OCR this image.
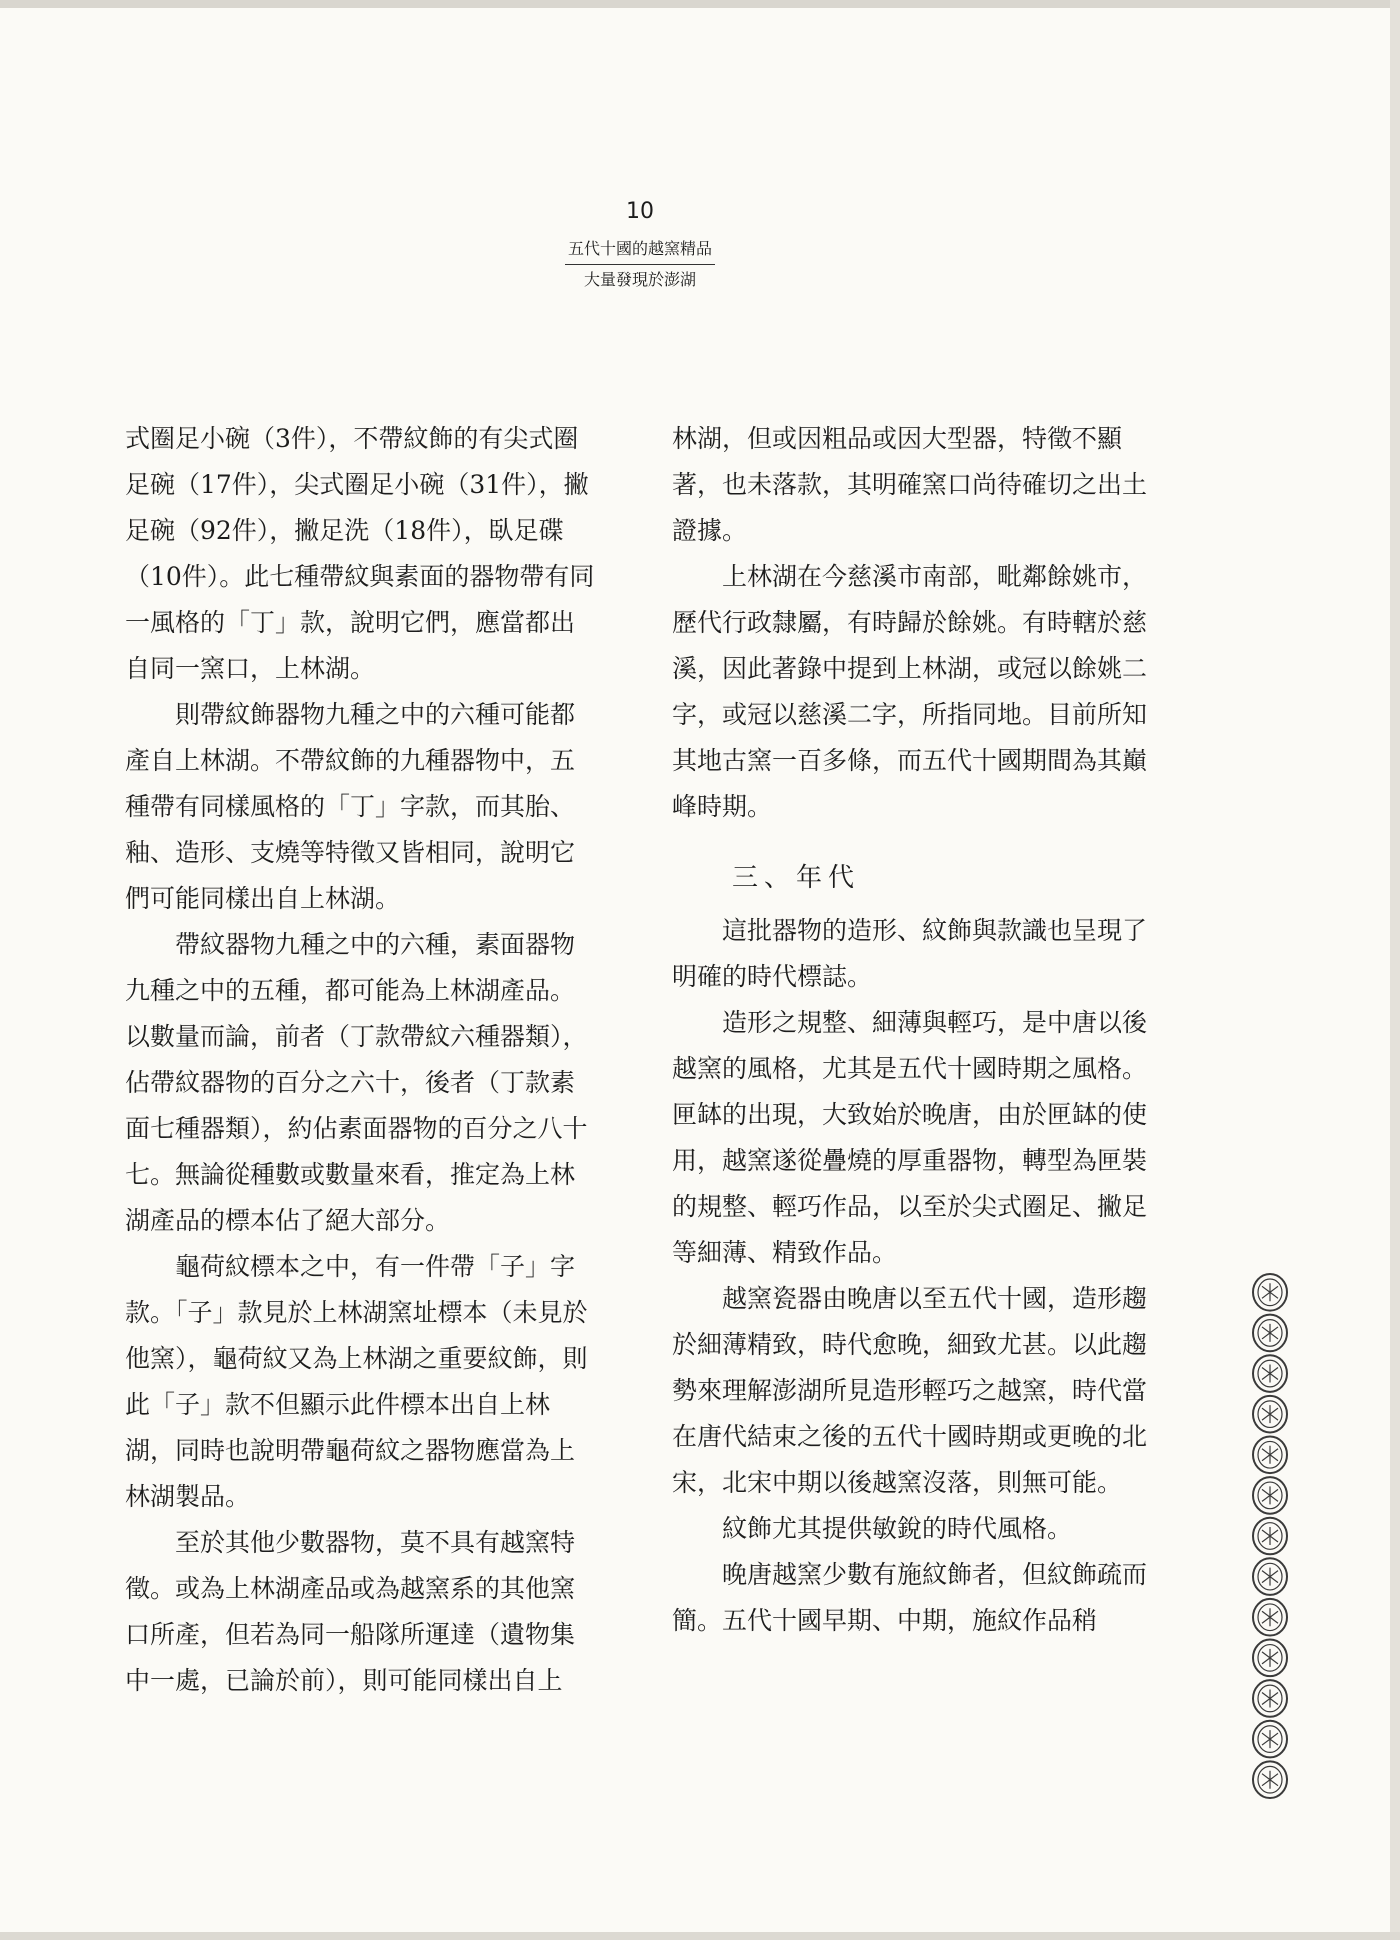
10
五代十國的越窯精品
大量發現於澎湖

式圈足小碗（3件），不帶紋飾的有尖式圈足碗（17件），尖式圈足小碗（31件），撇足碗（92件），撇足洗（18件），臥足碟（10件）。此七種帶紋與素面的器物帶有同一風格的「丁」款，說明它們，應當都出自同一窯口，上林湖。

則帶紋飾器物九種之中的六種可能都產自上林湖。不帶紋飾的九種器物中，五種帶有同樣風格的「丁」字款，而其胎、釉、造形、支燒等特徵又皆相同，說明它們可能同樣出自上林湖。

帶紋器物九種之中的六種，素面器物九種之中的五種，都可能為上林湖產品。以數量而論，前者（丁款帶紋六種器類），佔帶紋器物的百分之六十，後者（丁款素面七種器類），約佔素面器物的百分之八十七。無論從種數或數量來看，推定為上林湖產品的標本佔了絕大部分。

龜荷紋標本之中，有一件帶「子」字款。「子」款見於上林湖窯址標本（未見於他窯），龜荷紋又為上林湖之重要紋飾，則此「子」款不但顯示此件標本出自上林湖，同時也說明帶龜荷紋之器物應當為上林湖製品。

至於其他少數器物，莫不具有越窯特徵。或為上林湖產品或為越窯系的其他窯口所產，但若為同一船隊所運達（遺物集中一處，已論於前），則可能同樣出自上

林湖，但或因粗品或因大型器，特徵不顯著，也未落款，其明確窯口尚待確切之出土證據。

上林湖在今慈溪市南部，毗鄰餘姚市，歷代行政隸屬，有時歸於餘姚。有時轄於慈溪，因此著錄中提到上林湖，或冠以餘姚二字，或冠以慈溪二字，所指同地。目前所知其地古窯一百多條，而五代十國期間為其巔峰時期。

三、年代

這批器物的造形、紋飾與款識也呈現了明確的時代標誌。

造形之規整、細薄與輕巧，是中唐以後越窯的風格，尤其是五代十國時期之風格。匣缽的出現，大致始於晚唐，由於匣缽的使用，越窯遂從疊燒的厚重器物，轉型為匣裝的規整、輕巧作品，以至於尖式圈足、撇足等細薄、精致作品。

越窯瓷器由晚唐以至五代十國，造形趨於細薄精致，時代愈晚，細致尤甚。以此趨勢來理解澎湖所見造形輕巧之越窯，時代當在唐代結束之後的五代十國時期或更晚的北宋，北宋中期以後越窯沒落，則無可能。

紋飾尤其提供敏銳的時代風格。

晚唐越窯少數有施紋飾者，但紋飾疏而簡。五代十國早期、中期，施紋作品稍
